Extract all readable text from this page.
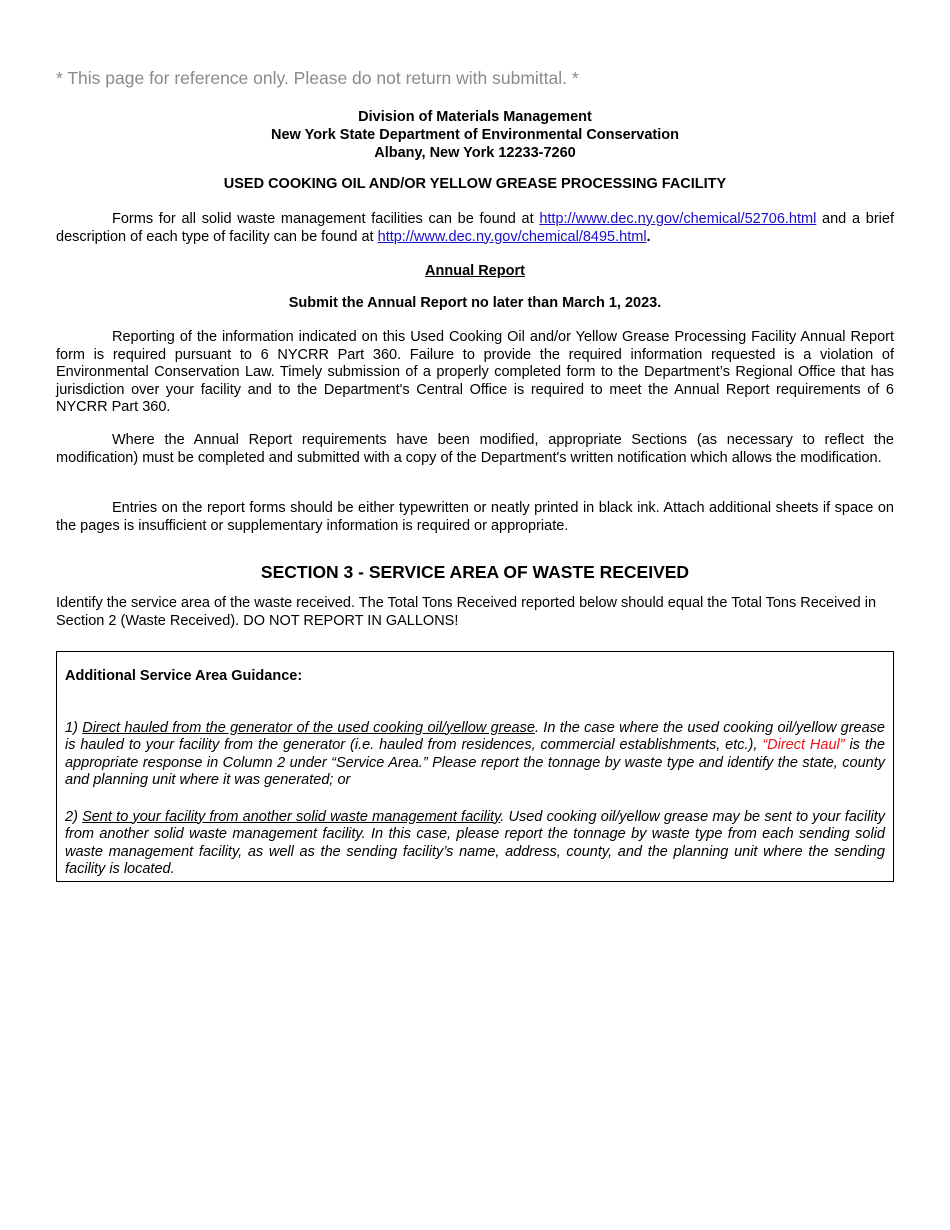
* This page for reference only. Please do not return with submittal. *
Division of Materials Management
New York State Department of Environmental Conservation
Albany, New York 12233-7260
USED COOKING OIL AND/OR YELLOW GREASE PROCESSING FACILITY

Forms for all solid waste management facilities can be found at http://www.dec.ny.gov/chemical/52706.html and a brief description of each type of facility can be found at http://www.dec.ny.gov/chemical/8495.html.

Annual Report
Submit the Annual Report no later than March 1, 2023.

Reporting of the information indicated on this Used Cooking Oil and/or Yellow Grease Processing Facility Annual Report form is required pursuant to 6 NYCRR Part 360. Failure to provide the required information requested is a violation of Environmental Conservation Law. Timely submission of a properly completed form to the Department’s Regional Office that has jurisdiction over your facility and to the Department's Central Office is required to meet the Annual Report requirements of 6 NYCRR Part 360.

Where the Annual Report requirements have been modified, appropriate Sections (as necessary to reflect the modification) must be completed and submitted with a copy of the Department's written notification which allows the modification.

Entries on the report forms should be either typewritten or neatly printed in black ink. Attach additional sheets if space on the pages is insufficient or supplementary information is required or appropriate.

SECTION 3 - SERVICE AREA OF WASTE RECEIVED

Identify the service area of the waste received. The Total Tons Received reported below should equal the Total Tons Received in Section 2 (Waste Received). DO NOT REPORT IN GALLONS!

Additional Service Area Guidance:

1) Direct hauled from the generator of the used cooking oil/yellow grease. In the case where the used cooking oil/yellow grease is hauled to your facility from the generator (i.e. hauled from residences, commercial establishments, etc.), “Direct Haul” is the appropriate response in Column 2 under “Service Area.” Please report the tonnage by waste type and identify the state, county and planning unit where it was generated; or

2) Sent to your facility from another solid waste management facility. Used cooking oil/yellow grease may be sent to your facility from another solid waste management facility. In this case, please report the tonnage by waste type from each sending solid waste management facility, as well as the sending facility’s name, address, county, and the planning unit where the sending facility is located.
